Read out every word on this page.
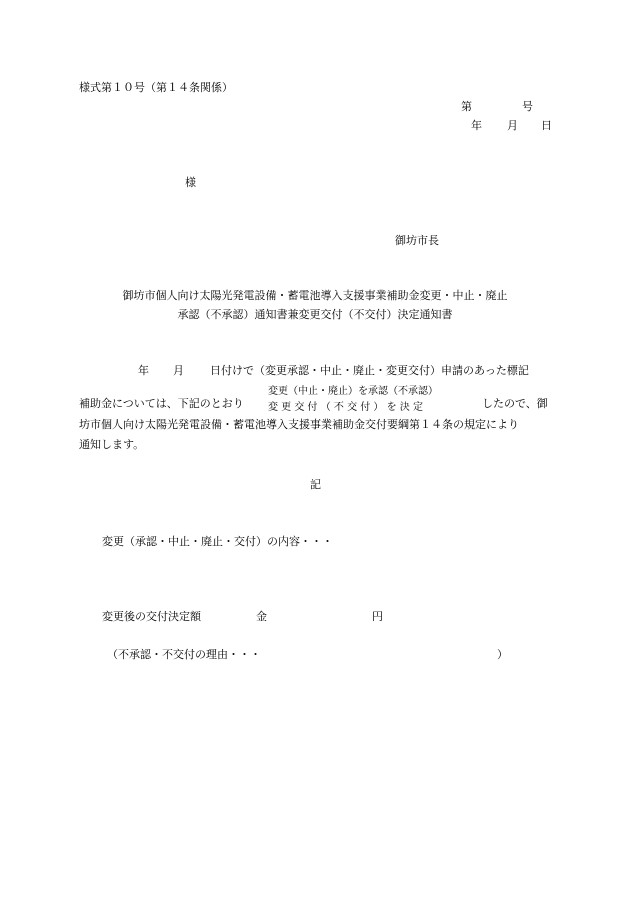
様式第１０号（第１４条関係）
第	号
年 月 日
様
御坊市長
御坊市個人向け太陽光発電設備・蓄電池導入支援事業補助金変更・中止・廃止
承認（不承認）通知書兼変更交付（不交付）決定通知書
年 月 日付けで（変更承認・中止・廃止・変更交付）申請のあった標記
補助金については、下記のとおり
変更（中止・廃止）を承認（不承認）
変 更 交 付 （ 不 交 付 ） を 決 定	したので、御
坊市個人向け太陽光発電設備・蓄電池導入支援事業補助金交付要綱第１４条の規定により
通知します。
記
変更（承認・中止・廃止・交付）の内容・・・
変更後の交付決定額	金	円
（不承認・不交付の理由・・・	）
